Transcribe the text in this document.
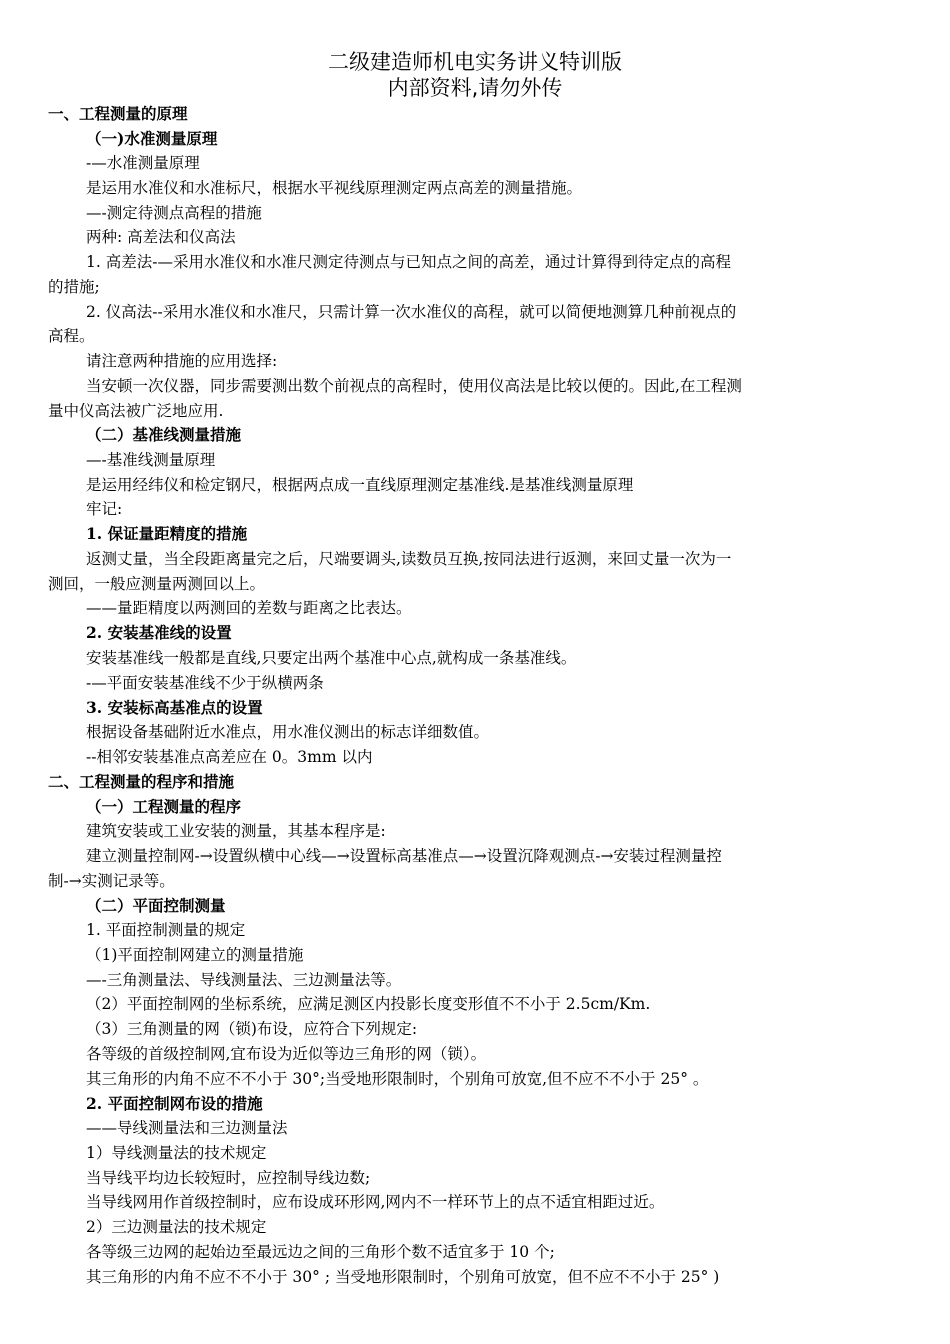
二级建造师机电实务讲义特训版
内部资料,请勿外传
一、工程测量的原理
（一)水准测量原理
-—水准测量原理
是运用水准仪和水准标尺，根据水平视线原理测定两点高差的测量措施。
—-测定待测点高程的措施
两种: 高差法和仪高法
1. 高差法-—采用水准仪和水准尺测定待测点与已知点之间的高差，通过计算得到待定点的高程
的措施;
2. 仪高法--采用水准仪和水准尺，只需计算一次水准仪的高程，就可以简便地测算几种前视点的
高程。
请注意两种措施的应用选择:
当安顿一次仪器，同步需要测出数个前视点的高程时，使用仪高法是比较以便的。因此,在工程测
量中仪高法被广泛地应用.
（二）基准线测量措施
—-基准线测量原理
是运用经纬仪和检定钢尺，根据两点成一直线原理测定基准线.是基准线测量原理
牢记:
1. 保证量距精度的措施
返测丈量，当全段距离量完之后，尺端要调头,读数员互换,按同法进行返测，来回丈量一次为一
测回，一般应测量两测回以上。
——量距精度以两测回的差数与距离之比表达。
2. 安装基准线的设置
安装基准线一般都是直线,只要定出两个基准中心点,就构成一条基准线。
-—平面安装基准线不少于纵横两条
3. 安装标高基准点的设置
根据设备基础附近水准点，用水准仪测出的标志详细数值。
--相邻安装基准点高差应在 0。3mm 以内
二、工程测量的程序和措施
（一）工程测量的程序
建筑安装或工业安装的测量，其基本程序是:
建立测量控制网-→设置纵横中心线—→设置标高基准点—→设置沉降观测点-→安装过程测量控
制-→实测记录等。
（二）平面控制测量
1. 平面控制测量的规定
（1)平面控制网建立的测量措施
—-三角测量法、导线测量法、三边测量法等。
（2）平面控制网的坐标系统，应满足测区内投影长度变形值不不小于 2.5cm/Km.
（3）三角测量的网（锁)布设，应符合下列规定:
各等级的首级控制网,宜布设为近似等边三角形的网（锁）。
其三角形的内角不应不不小于 30°;当受地形限制时，个别角可放宽,但不应不不小于 25° 。
2. 平面控制网布设的措施
——导线测量法和三边测量法
1）导线测量法的技术规定
当导线平均边长较短时，应控制导线边数;
当导线网用作首级控制时，应布设成环形网,网内不一样环节上的点不适宜相距过近。
2）三边测量法的技术规定
各等级三边网的起始边至最远边之间的三角形个数不适宜多于 10 个;
其三角形的内角不应不不小于 30° ; 当受地形限制时，个别角可放宽，但不应不不小于 25° )
